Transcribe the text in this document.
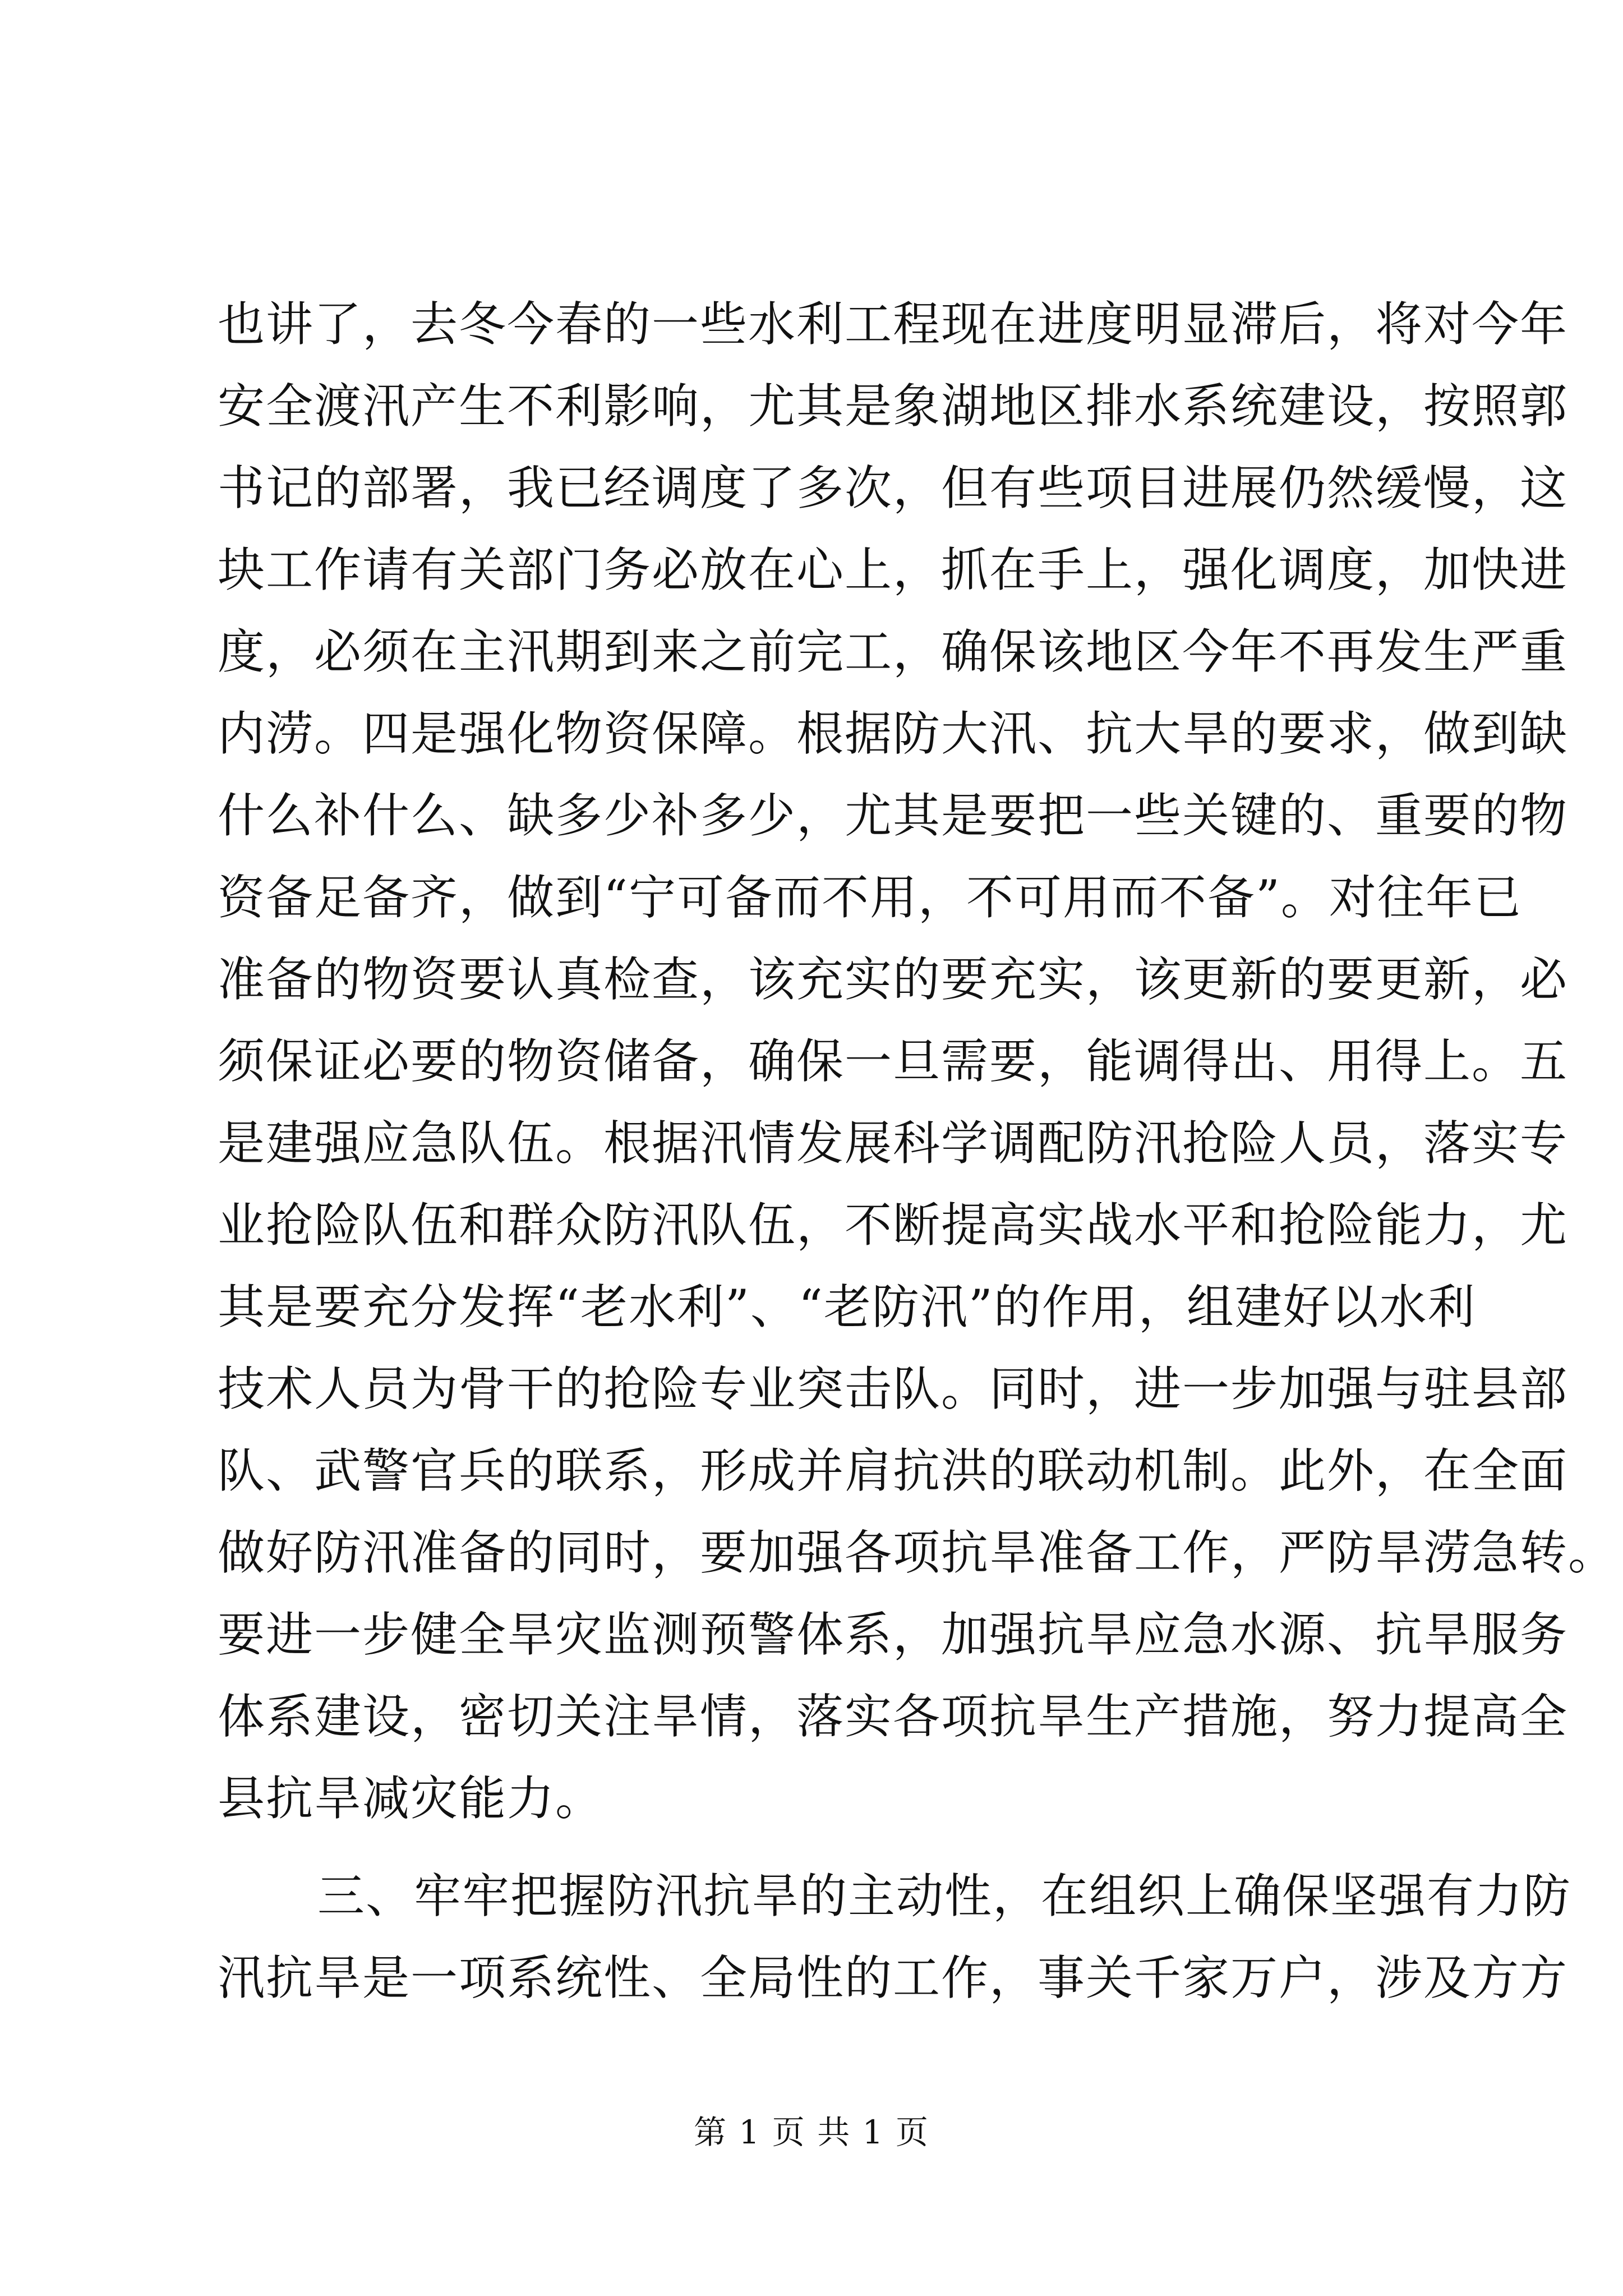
也讲了，去冬今春的一些水利工程现在进度明显滞后，将对今年
安全渡汛产生不利影响，尤其是象湖地区排水系统建设，按照郭
书记的部署，我已经调度了多次，但有些项目进展仍然缓慢，这
块工作请有关部门务必放在心上，抓在手上，强化调度，加快进
度，必须在主汛期到来之前完工，确保该地区今年不再发生严重
内涝。四是强化物资保障。根据防大汛、抗大旱的要求，做到缺
什么补什么、缺多少补多少，尤其是要把一些关键的、重要的物
资备足备齐，做到“宁可备而不用，不可用而不备”。对往年已
准备的物资要认真检查，该充实的要充实，该更新的要更新，必
须保证必要的物资储备，确保一旦需要，能调得出、用得上。五
是建强应急队伍。根据汛情发展科学调配防汛抢险人员，落实专
业抢险队伍和群众防汛队伍，不断提高实战水平和抢险能力，尤
其是要充分发挥“老水利”、“老防汛”的作用，组建好以水利
技术人员为骨干的抢险专业突击队。同时，进一步加强与驻县部
队、武警官兵的联系，形成并肩抗洪的联动机制。此外，在全面
做好防汛准备的同时，要加强各项抗旱准备工作，严防旱涝急转。
要进一步健全旱灾监测预警体系，加强抗旱应急水源、抗旱服务
体系建设，密切关注旱情，落实各项抗旱生产措施，努力提高全
县抗旱减灾能力。
三、牢牢把握防汛抗旱的主动性，在组织上确保坚强有力防
汛抗旱是一项系统性、全局性的工作，事关千家万户，涉及方方
第 1 页 共 1 页
